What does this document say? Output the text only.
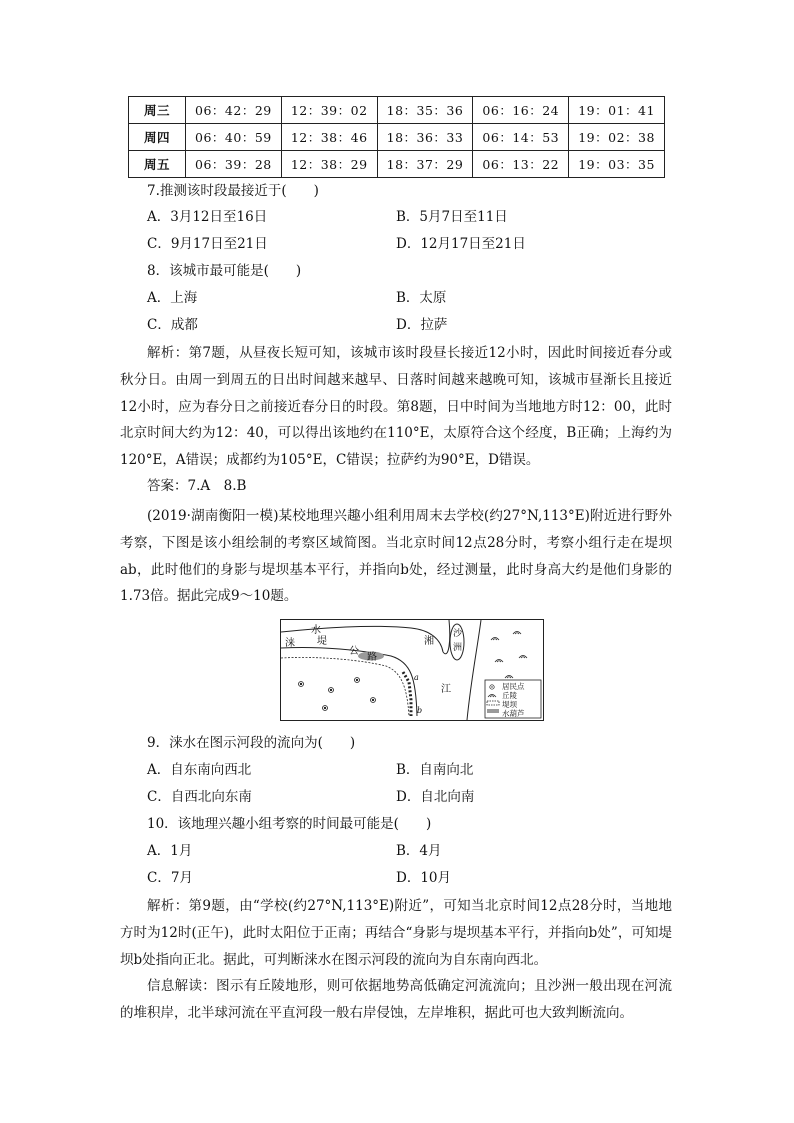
周三	06：42：29	12：39：02	18：35：36	06：16：24	19：01：41
周四	06：40：59	12：38：46	18：36：33	06：14：53	19：02：38
周五	06：39：28	12：38：29	18：37：29	06：13：22	19：03：35
7.推测该时段最接近于(　　)
A．3月12日至16日	B．5月7日至11日
C．9月17日至21日	D．12月17日至21日
8．该城市最可能是(　　)
A．上海	B．太原
C．成都	D．拉萨
解析：第7题，从昼夜长短可知，该城市该时段昼长接近12小时，因此时间接近春分或秋分日。由周一到周五的日出时间越来越早、日落时间越来越晚可知，该城市昼渐长且接近12小时，应为春分日之前接近春分日的时段。第8题，日中时间为当地地方时12：00，此时北京时间大约为12：40，可以得出该地约在110°E，太原符合这个经度，B正确；上海约为120°E，A错误；成都约为105°E，C错误；拉萨约为90°E，D错误。
答案：7.A　8.B
(2019·湖南衡阳一模)某校地理兴趣小组利用周末去学校(约27°N,113°E)附近进行野外考察，下图是该小组绘制的考察区域简图。当北京时间12点28分时，考察小组行走在堤坝ab，此时他们的身影与堤坝基本平行，并指向b处，经过测量，此时身高大约是他们身影的1.73倍。据此完成9～10题。
涞 堤
水
公
路
湘
沙
洲
江
a
b
居民点
丘陵
堤坝
水葫芦
9．涞水在图示河段的流向为(　　)
A．自东南向西北	B．自南向北
C．自西北向东南	D．自北向南
10．该地理兴趣小组考察的时间最可能是(　　)
A．1月	B．4月
C．7月	D．10月
解析：第9题，由“学校(约27°N,113°E)附近”，可知当北京时间12点28分时，当地地方时为12时(正午)，此时太阳位于正南；再结合“身影与堤坝基本平行，并指向b处”，可知堤坝b处指向正北。据此，可判断涞水在图示河段的流向为自东南向西北。
信息解读：图示有丘陵地形，则可依据地势高低确定河流流向；且沙洲一般出现在河流的堆积岸，北半球河流在平直河段一般右岸侵蚀，左岸堆积，据此可也大致判断流向。
